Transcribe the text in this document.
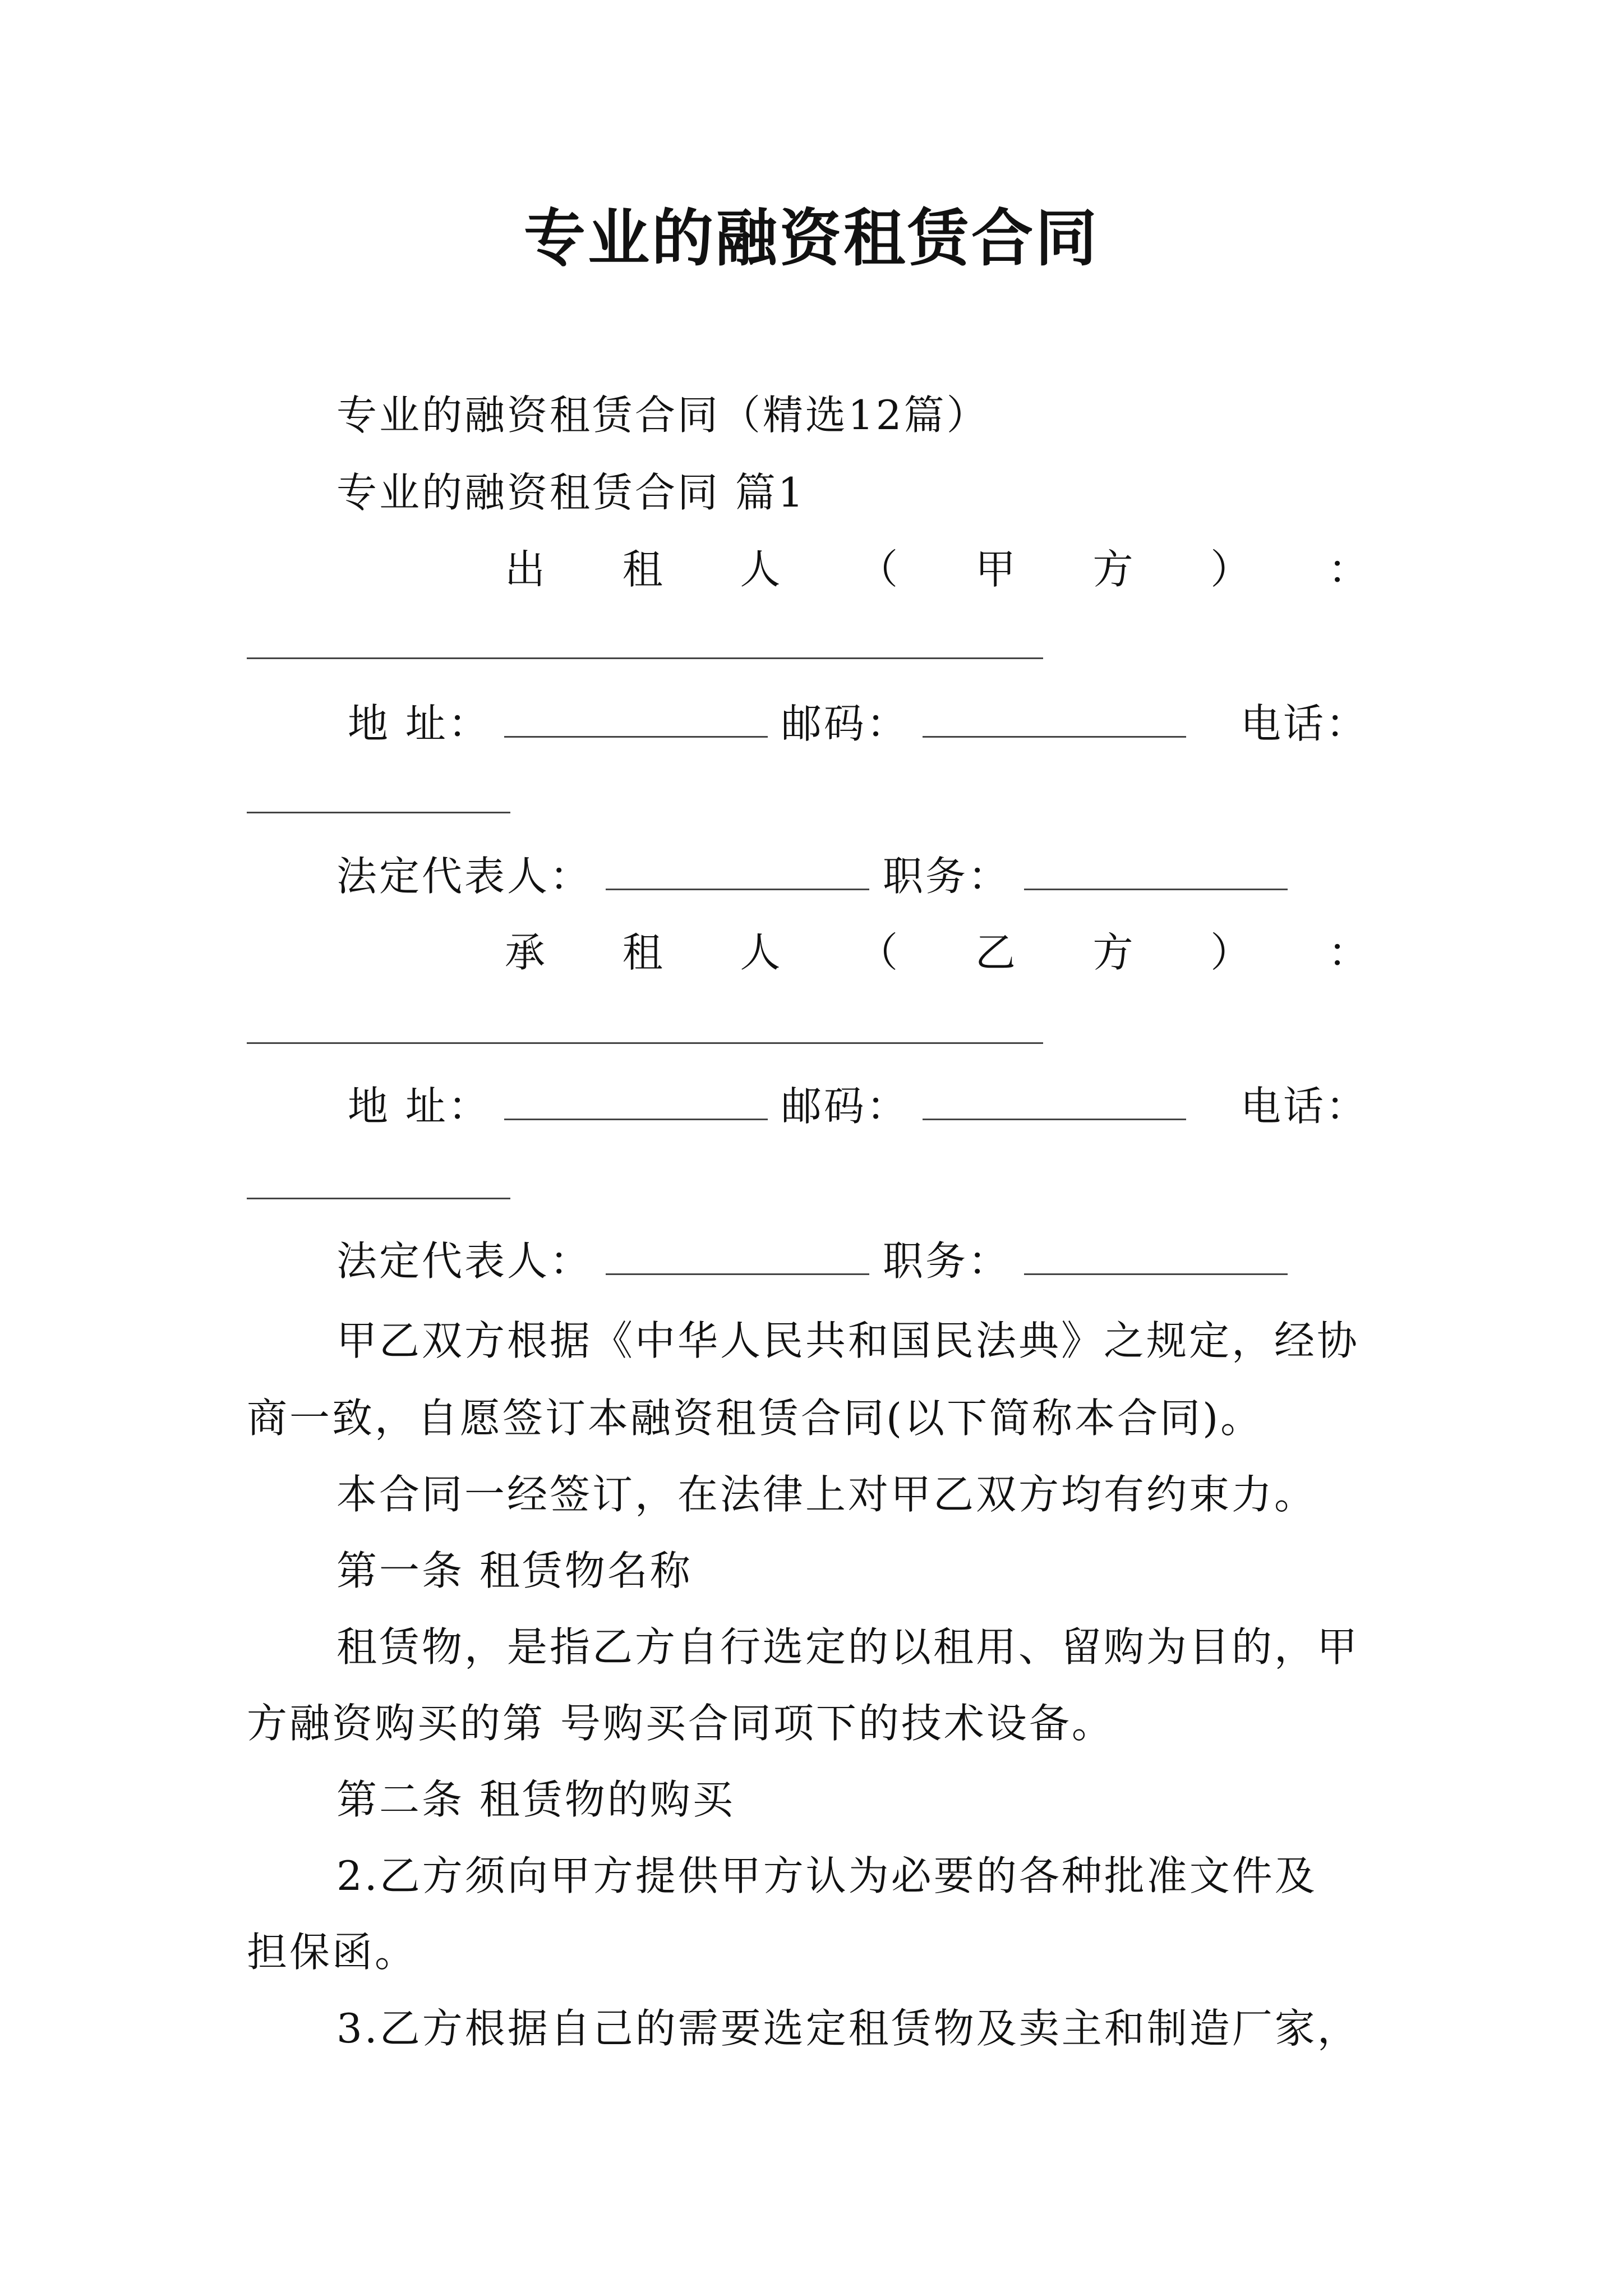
专业的融资租赁合同
专业的融资租赁合同（精选12篇）
专业的融资租赁合同 篇1
出 租 人 （ 甲 方 ） ：
地 址：	邮码：	电话：
法定代表人：	职务：
承 租 人 （ 乙 方 ） ：
地 址：	邮码：	电话：
法定代表人：	职务：
甲乙双方根据《中华人民共和国民法典》之规定，经协
商一致，自愿签订本融资租赁合同(以下简称本合同)。
本合同一经签订，在法律上对甲乙双方均有约束力。
第一条 租赁物名称
租赁物，是指乙方自行选定的以租用、留购为目的，甲
方融资购买的第 号购买合同项下的技术设备。
第二条 租赁物的购买
2.乙方须向甲方提供甲方认为必要的各种批准文件及
担保函。
3.乙方根据自己的需要选定租赁物及卖主和制造厂家，
